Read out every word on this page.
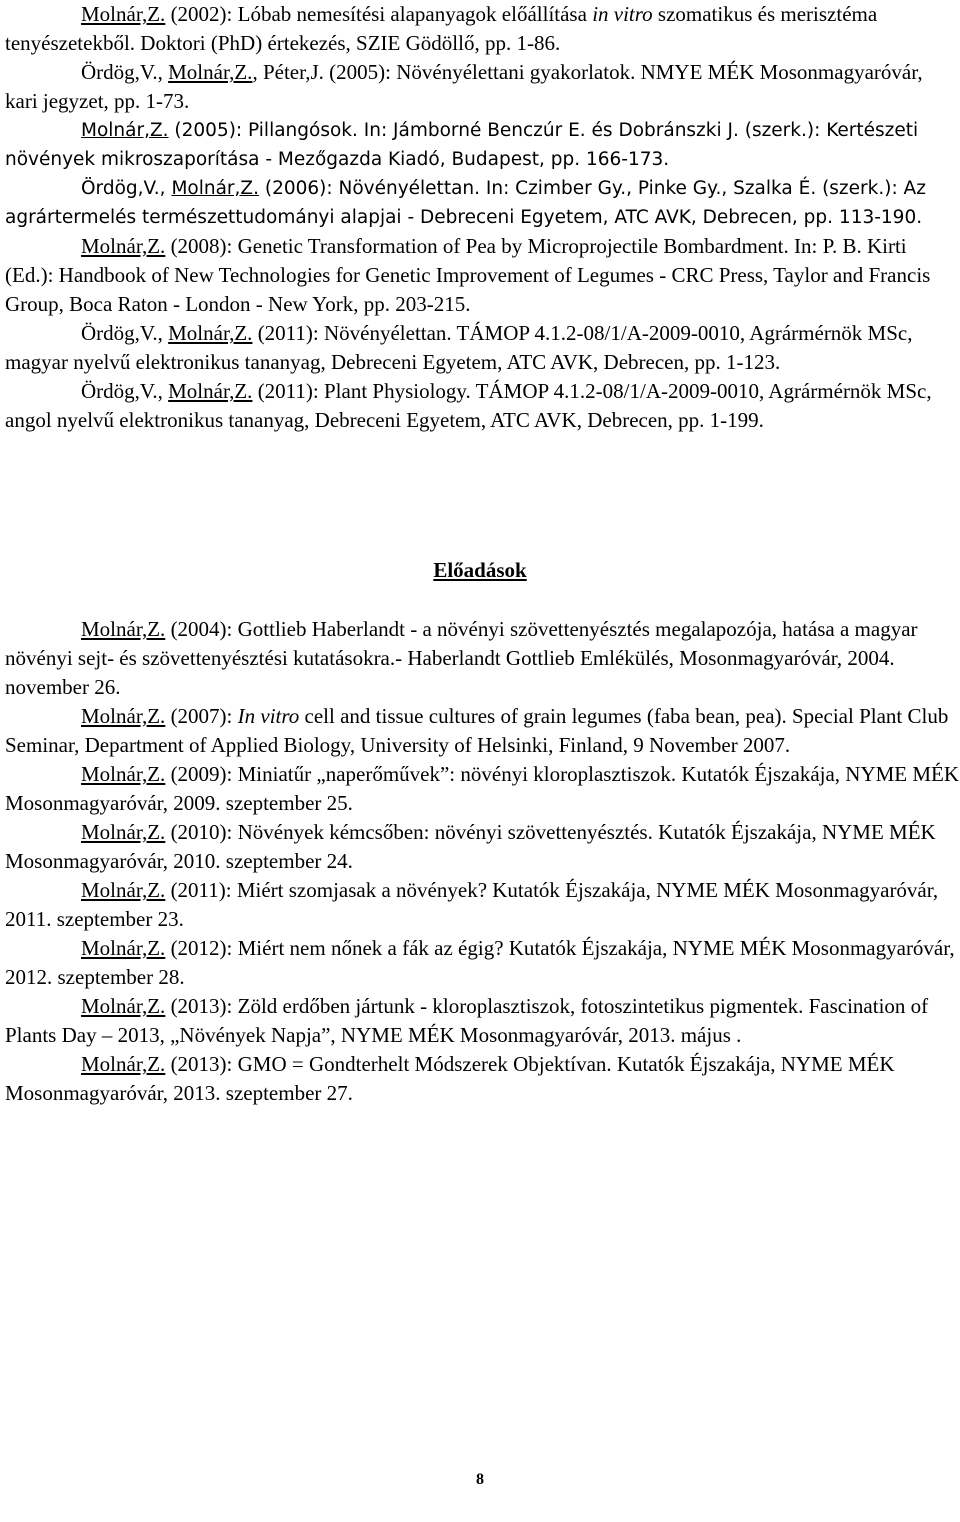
Molnár,Z. (2002): Lóbab nemesítési alapanyagok előállítása in vitro szomatikus és merisztéma tenyészetekből. Doktori (PhD) értekezés, SZIE Gödöllő, pp. 1-86.

Ördög,V., Molnár,Z., Péter,J. (2005): Növényélettani gyakorlatok. NMYE MÉK Mosonmagyaróvár, kari jegyzet, pp. 1-73.

Molnár,Z. (2005): Pillangósok. In: Jámborné Benczúr E. és Dobránszki J. (szerk.): Kertészeti növények mikroszaporítása - Mezőgazda Kiadó, Budapest, pp. 166-173.

Ördög,V., Molnár,Z. (2006): Növényélettan. In: Czimber Gy., Pinke Gy., Szalka É. (szerk.): Az agrártermelés természettudományi alapjai - Debreceni Egyetem, ATC AVK, Debrecen, pp. 113-190.

Molnár,Z. (2008): Genetic Transformation of Pea by Microprojectile Bombardment. In: P. B. Kirti (Ed.): Handbook of New Technologies for Genetic Improvement of Legumes - CRC Press, Taylor and Francis Group, Boca Raton - London - New York, pp. 203-215.

Ördög,V., Molnár,Z. (2011): Növényélettan. TÁMOP 4.1.2-08/1/A-2009-0010, Agrármérnök MSc, magyar nyelvű elektronikus tananyag, Debreceni Egyetem, ATC AVK, Debrecen, pp. 1-123.

Ördög,V., Molnár,Z. (2011): Plant Physiology. TÁMOP 4.1.2-08/1/A-2009-0010, Agrármérnök MSc, angol nyelvű elektronikus tananyag, Debreceni Egyetem, ATC AVK, Debrecen, pp. 1-199.

Előadások

Molnár,Z. (2004): Gottlieb Haberlandt - a növényi szövettenyésztés megalapozója, hatása a magyar növényi sejt- és szövettenyésztési kutatásokra.- Haberlandt Gottlieb Emlékülés, Mosonmagyaróvár, 2004. november 26.

Molnár,Z. (2007): In vitro cell and tissue cultures of grain legumes (faba bean, pea). Special Plant Club Seminar, Department of Applied Biology, University of Helsinki, Finland, 9 November 2007.

Molnár,Z. (2009): Miniatűr „naperőművek”: növényi kloroplasztiszok. Kutatók Éjszakája, NYME MÉK Mosonmagyaróvár, 2009. szeptember 25.

Molnár,Z. (2010): Növények kémcsőben: növényi szövettenyésztés. Kutatók Éjszakája, NYME MÉK Mosonmagyaróvár, 2010. szeptember 24.

Molnár,Z. (2011): Miért szomjasak a növények? Kutatók Éjszakája, NYME MÉK Mosonmagyaróvár, 2011. szeptember 23.

Molnár,Z. (2012): Miért nem nőnek a fák az égig? Kutatók Éjszakája, NYME MÉK Mosonmagyaróvár, 2012. szeptember 28.

Molnár,Z. (2013): Zöld erdőben jártunk - kloroplasztiszok, fotoszintetikus pigmentek. Fascination of Plants Day – 2013, „Növények Napja”, NYME MÉK Mosonmagyaróvár, 2013. május .

Molnár,Z. (2013): GMO = Gondterhelt Módszerek Objektívan. Kutatók Éjszakája, NYME MÉK Mosonmagyaróvár, 2013. szeptember 27.

8
